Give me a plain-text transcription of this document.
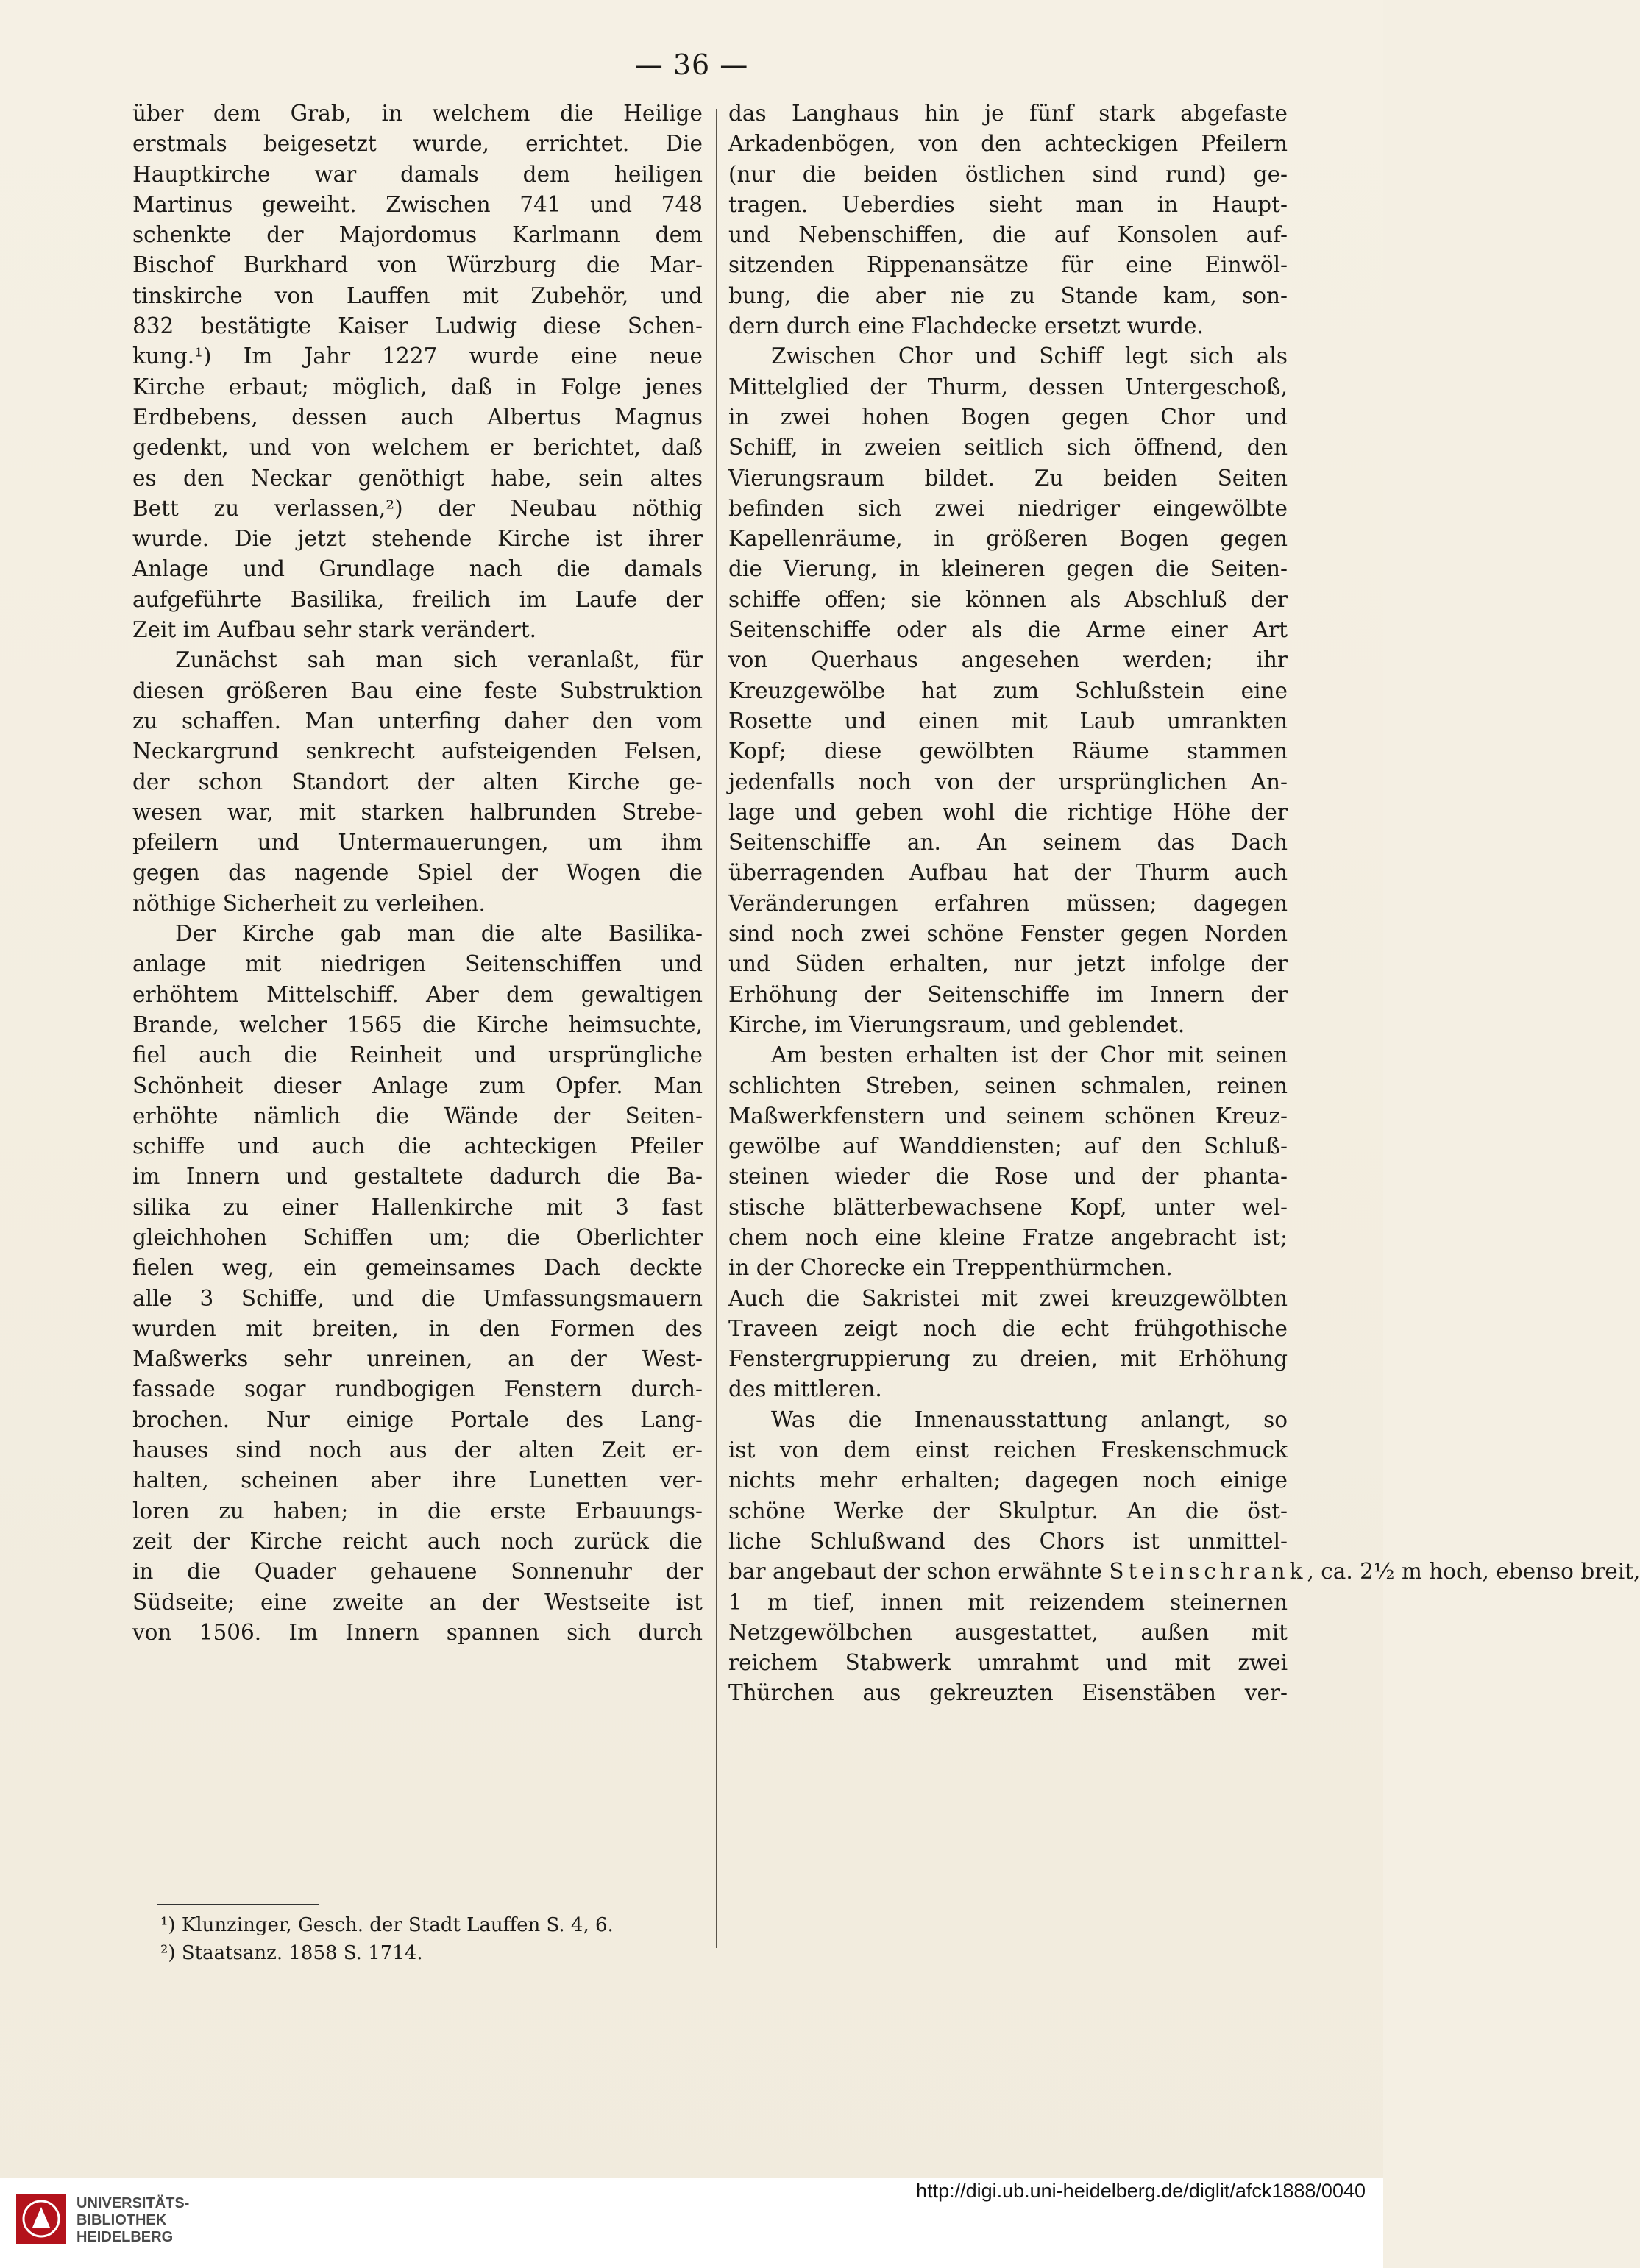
— 36 —
über dem Grab, in welchem die Heilige
erstmals beigesetzt wurde, errichtet. Die
Hauptkirche war damals dem heiligen
Martinus geweiht. Zwischen 741 und 748
schenkte der Majordomus Karlmann dem
Bischof Burkhard von Würzburg die Mar-
tinskirche von Lauffen mit Zubehör, und
832 bestätigte Kaiser Ludwig diese Schen-
kung.¹) Im Jahr 1227 wurde eine neue
Kirche erbaut; möglich, daß in Folge jenes
Erdbebens, dessen auch Albertus Magnus
gedenkt, und von welchem er berichtet, daß
es den Neckar genöthigt habe, sein altes
Bett zu verlassen,²) der Neubau nöthig
wurde. Die jetzt stehende Kirche ist ihrer
Anlage und Grundlage nach die damals
aufgeführte Basilika, freilich im Laufe der
Zeit im Aufbau sehr stark verändert.
Zunächst sah man sich veranlaßt, für
diesen größeren Bau eine feste Substruktion
zu schaffen. Man unterfing daher den vom
Neckargrund senkrecht aufsteigenden Felsen,
der schon Standort der alten Kirche ge-
wesen war, mit starken halbrunden Strebe-
pfeilern und Untermauerungen, um ihm
gegen das nagende Spiel der Wogen die
nöthige Sicherheit zu verleihen.
Der Kirche gab man die alte Basilika-
anlage mit niedrigen Seitenschiffen und
erhöhtem Mittelschiff. Aber dem gewaltigen
Brande, welcher 1565 die Kirche heimsuchte,
fiel auch die Reinheit und ursprüngliche
Schönheit dieser Anlage zum Opfer. Man
erhöhte nämlich die Wände der Seiten-
schiffe und auch die achteckigen Pfeiler
im Innern und gestaltete dadurch die Ba-
silika zu einer Hallenkirche mit 3 fast
gleichhohen Schiffen um; die Oberlichter
fielen weg, ein gemeinsames Dach deckte
alle 3 Schiffe, und die Umfassungsmauern
wurden mit breiten, in den Formen des
Maßwerks sehr unreinen, an der West-
fassade sogar rundbogigen Fenstern durch-
brochen. Nur einige Portale des Lang-
hauses sind noch aus der alten Zeit er-
halten, scheinen aber ihre Lunetten ver-
loren zu haben; in die erste Erbauungs-
zeit der Kirche reicht auch noch zurück die
in die Quader gehauene Sonnenuhr der
Südseite; eine zweite an der Westseite ist
von 1506. Im Innern spannen sich durch
das Langhaus hin je fünf stark abgefaste
Arkadenbögen, von den achteckigen Pfeilern
(nur die beiden östlichen sind rund) ge-
tragen. Ueberdies sieht man in Haupt-
und Nebenschiffen, die auf Konsolen auf-
sitzenden Rippenansätze für eine Einwöl-
bung, die aber nie zu Stande kam, son-
dern durch eine Flachdecke ersetzt wurde.
Zwischen Chor und Schiff legt sich als
Mittelglied der Thurm, dessen Untergeschoß,
in zwei hohen Bogen gegen Chor und
Schiff, in zweien seitlich sich öffnend, den
Vierungsraum bildet. Zu beiden Seiten
befinden sich zwei niedriger eingewölbte
Kapellenräume, in größeren Bogen gegen
die Vierung, in kleineren gegen die Seiten-
schiffe offen; sie können als Abschluß der
Seitenschiffe oder als die Arme einer Art
von Querhaus angesehen werden; ihr
Kreuzgewölbe hat zum Schlußstein eine
Rosette und einen mit Laub umrankten
Kopf; diese gewölbten Räume stammen
jedenfalls noch von der ursprünglichen An-
lage und geben wohl die richtige Höhe der
Seitenschiffe an. An seinem das Dach
überragenden Aufbau hat der Thurm auch
Veränderungen erfahren müssen; dagegen
sind noch zwei schöne Fenster gegen Norden
und Süden erhalten, nur jetzt infolge der
Erhöhung der Seitenschiffe im Innern der
Kirche, im Vierungsraum, und geblendet.
Am besten erhalten ist der Chor mit seinen
schlichten Streben, seinen schmalen, reinen
Maßwerkfenstern und seinem schönen Kreuz-
gewölbe auf Wanddiensten; auf den Schluß-
steinen wieder die Rose und der phanta-
stische blätterbewachsene Kopf, unter wel-
chem noch eine kleine Fratze angebracht ist;
in der Chorecke ein Treppenthürmchen.
Auch die Sakristei mit zwei kreuzgewölbten
Traveen zeigt noch die echt frühgothische
Fenstergruppierung zu dreien, mit Erhöhung
des mittleren.
Was die Innenausstattung anlangt, so
ist von dem einst reichen Freskenschmuck
nichts mehr erhalten; dagegen noch einige
schöne Werke der Skulptur. An die öst-
liche Schlußwand des Chors ist unmittel-
bar angebaut der schon erwähnte Steinschrank, ca. 2½ m hoch, ebenso breit,
1 m tief, innen mit reizendem steinernen
Netzgewölbchen ausgestattet, außen mit
reichem Stabwerk umrahmt und mit zwei
Thürchen aus gekreuzten Eisenstäben ver-
¹) Klunzinger, Gesch. der Stadt Lauffen S. 4, 6.
²) Staatsanz. 1858 S. 1714.
UNIVERSITÄTS-
BIBLIOTHEK
HEIDELBERG
http://digi.ub.uni-heidelberg.de/diglit/afck1888/0040
